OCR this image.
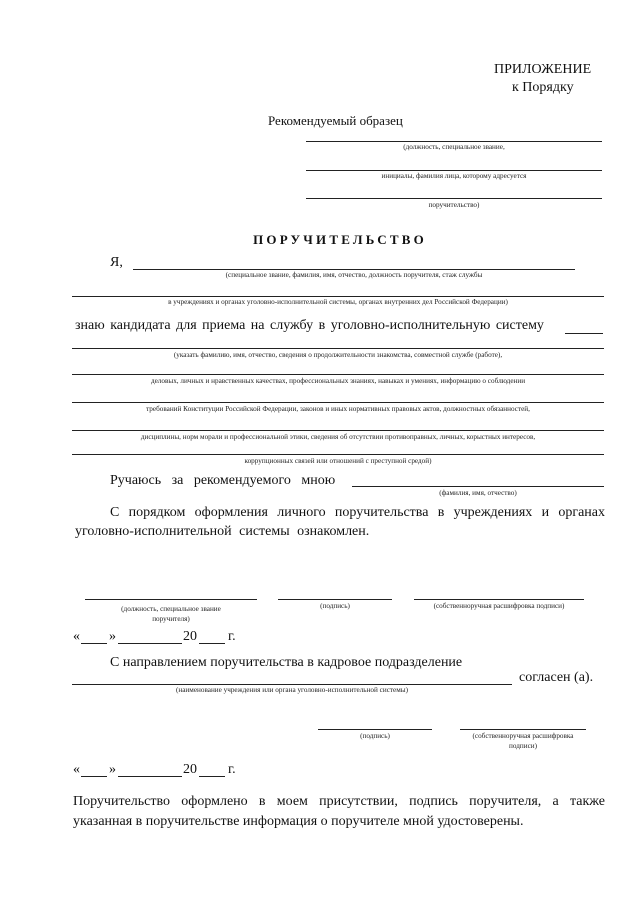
ПРИЛОЖЕНИЕ
к Порядку
Рекомендуемый образец
(должность, специальное звание,
инициалы, фамилия лица, которому адресуется
поручительство)
ПОРУЧИТЕЛЬСТВО
Я,
(специальное звание, фамилия, имя, отчество, должность поручителя, стаж службы
в учреждениях и органах уголовно-исполнительной системы, органах внутренних дел Российской Федерации)
знаю кандидата для приема на службу в уголовно-исполнительную систему
(указать фамилию, имя, отчество, сведения о продолжительности знакомства, совместной службе (работе),
деловых, личных и нравственных качествах, профессиональных знаниях, навыках и умениях, информацию о соблюдении
требований Конституции Российской Федерации, законов и иных нормативных правовых актов, должностных обязанностей,
дисциплины, норм морали и профессиональной этики, сведения об отсутствии противоправных, личных, корыстных интересов,
коррупционных связей или отношений с преступной средой)
Ручаюсь за рекомендуемого мною
(фамилия, имя, отчество)
С порядком оформления личного поручительства в учреждениях и органах уголовно-исполнительной системы ознакомлен.
(должность, специальное звание
поручителя)
(подпись)	(собственноручная расшифровка подписи)
« »	20 г.
С направлением поручительства в кадровое подразделение
согласен (а).
(наименование учреждения или органа уголовно-исполнительной системы)
(подпись)	(собственноручная расшифровка
подписи)
« »	20 г.
Поручительство оформлено в моем присутствии, подпись поручителя, а также указанная в поручительстве информация о поручителе мной удостоверены.
